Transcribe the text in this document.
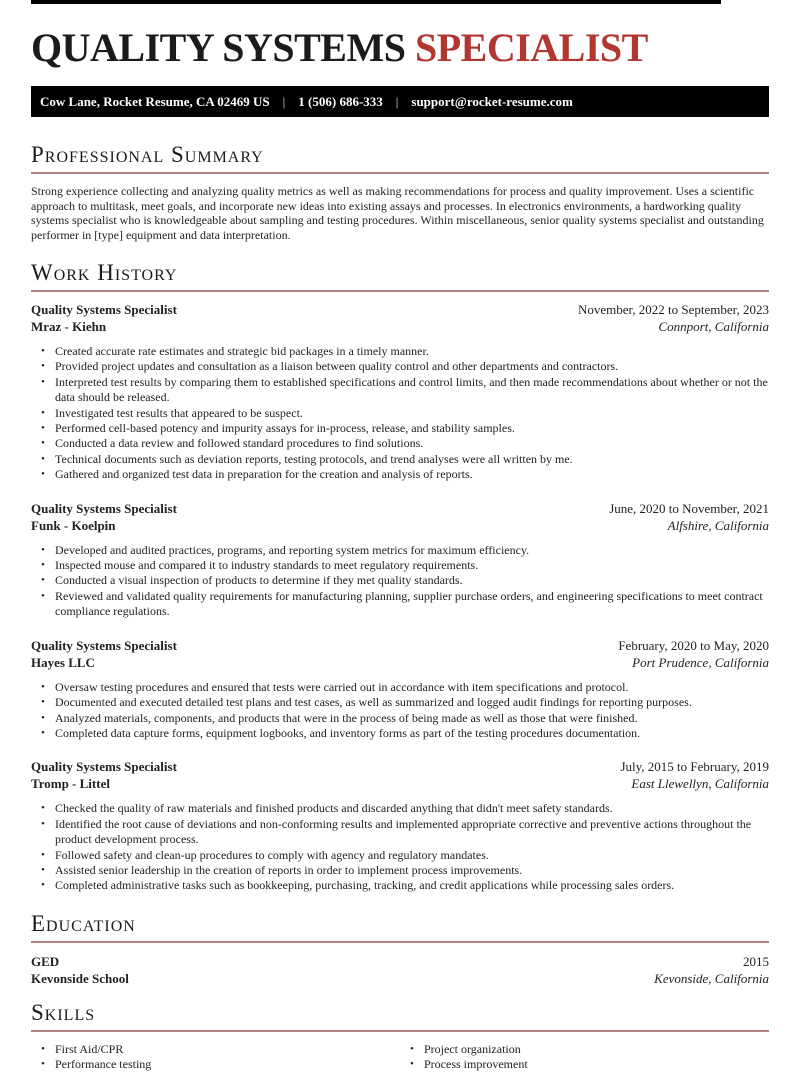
QUALITY SYSTEMS SPECIALIST
Cow Lane, Rocket Resume, CA 02469 US | 1 (506) 686-333 | support@rocket-resume.com
Professional Summary

Strong experience collecting and analyzing quality metrics as well as making recommendations for process and quality improvement. Uses a scientific approach to multitask, meet goals, and incorporate new ideas into existing assays and processes. In electronics environments, a hardworking quality systems specialist who is knowledgeable about sampling and testing procedures. Within miscellaneous, senior quality systems specialist and outstanding performer in [type] equipment and data interpretation.

Work History
Quality Systems Specialist	November, 2022 to September, 2023
Mraz - Kiehn	Connport, California
• Created accurate rate estimates and strategic bid packages in a timely manner.
• Provided project updates and consultation as a liaison between quality control and other departments and contractors.
• Interpreted test results by comparing them to established specifications and control limits, and then made recommendations about whether or not the data should be released.
• Investigated test results that appeared to be suspect.
• Performed cell-based potency and impurity assays for in-process, release, and stability samples.
• Conducted a data review and followed standard procedures to find solutions.
• Technical documents such as deviation reports, testing protocols, and trend analyses were all written by me.
• Gathered and organized test data in preparation for the creation and analysis of reports.
Quality Systems Specialist	June, 2020 to November, 2021
Funk - Koelpin	Alfshire, California
• Developed and audited practices, programs, and reporting system metrics for maximum efficiency.
• Inspected mouse and compared it to industry standards to meet regulatory requirements.
• Conducted a visual inspection of products to determine if they met quality standards.
• Reviewed and validated quality requirements for manufacturing planning, supplier purchase orders, and engineering specifications to meet contract compliance regulations.
Quality Systems Specialist	February, 2020 to May, 2020
Hayes LLC	Port Prudence, California
• Oversaw testing procedures and ensured that tests were carried out in accordance with item specifications and protocol.
• Documented and executed detailed test plans and test cases, as well as summarized and logged audit findings for reporting purposes.
• Analyzed materials, components, and products that were in the process of being made as well as those that were finished.
• Completed data capture forms, equipment logbooks, and inventory forms as part of the testing procedures documentation.
Quality Systems Specialist	July, 2015 to February, 2019
Tromp - Littel	East Llewellyn, California
• Checked the quality of raw materials and finished products and discarded anything that didn't meet safety standards.
• Identified the root cause of deviations and non-conforming results and implemented appropriate corrective and preventive actions throughout the product development process.
• Followed safety and clean-up procedures to comply with agency and regulatory mandates.
• Assisted senior leadership in the creation of reports in order to implement process improvements.
• Completed administrative tasks such as bookkeeping, purchasing, tracking, and credit applications while processing sales orders.
Education
GED	2015
Kevonside School	Kevonside, California
Skills
• First Aid/CPR
• Performance testing
• Project organization
• Process improvement
